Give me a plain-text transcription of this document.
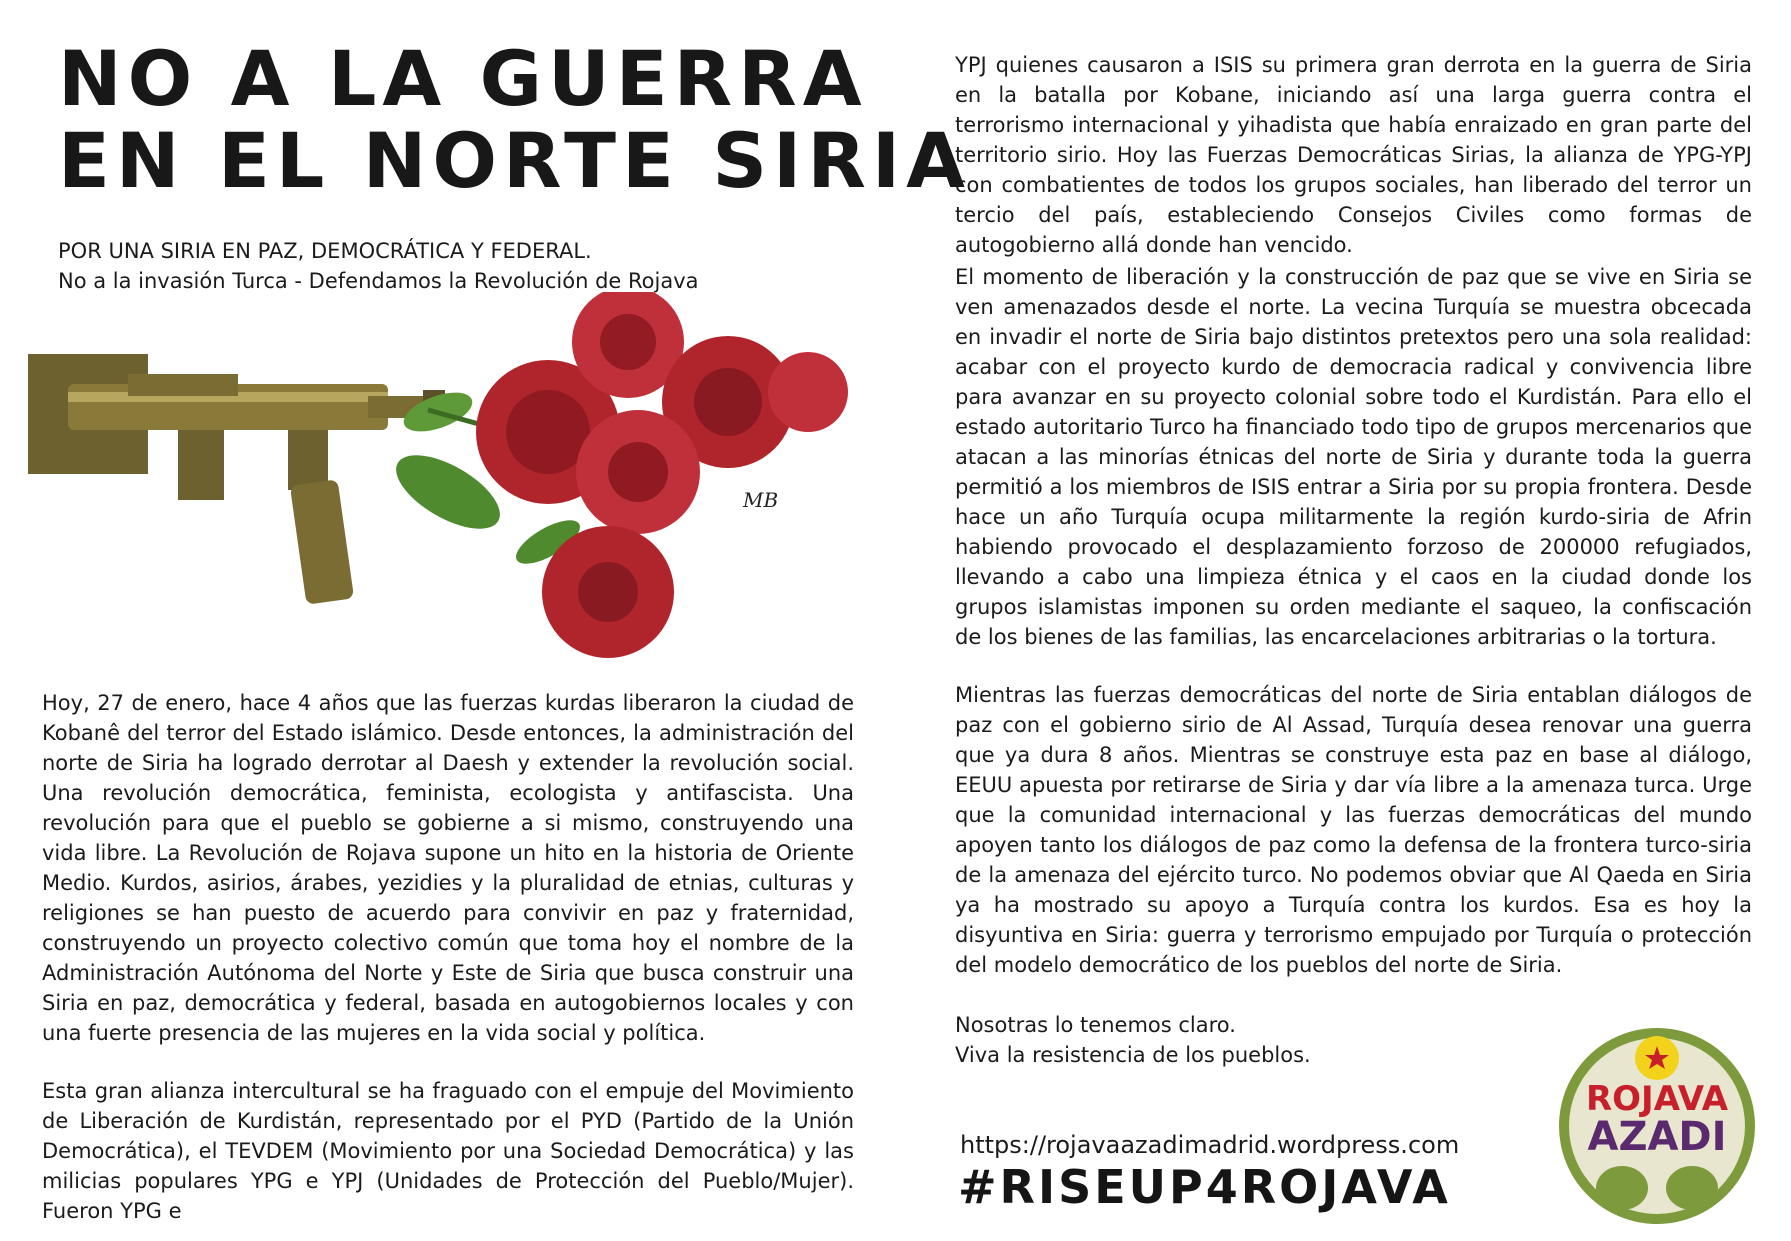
NO A LA GUERRA
EN EL NORTE SIRIA
POR UNA SIRIA EN PAZ, DEMOCRÁTICA Y FEDERAL.
No a la invasión Turca - Defendamos la Revolución de Rojava
MB

Hoy, 27 de enero, hace 4 años que las fuerzas kurdas liberaron la ciudad de Kobanê del terror del Estado islámico. Desde entonces, la administración del norte de Siria ha logrado derrotar al Daesh y extender la revolución social. Una revolución democrática, feminista, ecologista y antifascista. Una revolución para que el pueblo se gobierne a si mismo, construyendo una vida libre. La Revolución de Rojava supone un hito en la historia de Oriente Medio. Kurdos, asirios, árabes, yezidies y la pluralidad de etnias, culturas y religiones se han puesto de acuerdo para convivir en paz y fraternidad, construyendo un proyecto colectivo común que toma hoy el nombre de la Administración Autónoma del Norte y Este de Siria que busca construir una Siria en paz, democrática y federal, basada en autogobiernos locales y con una fuerte presencia de las mujeres en la vida social y política.

Esta gran alianza intercultural se ha fraguado con el empuje del Movimiento de Liberación de Kurdistán, representado por el PYD (Partido de la Unión Democrática), el TEVDEM (Movimiento por una Sociedad Democrática) y las milicias populares YPG e YPJ (Unidades de Protección del Pueblo/Mujer). Fueron YPG e

YPJ quienes causaron a ISIS su primera gran derrota en la guerra de Siria en la batalla por Kobane, iniciando así una larga guerra contra el terrorismo internacional y yihadista que había enraizado en gran parte del territorio sirio. Hoy las Fuerzas Democráticas Sirias, la alianza de YPG-YPJ con combatientes de todos los grupos sociales, han liberado del terror un tercio del país, estableciendo Consejos Civiles como formas de autogobierno allá donde han vencido.

El momento de liberación y la construcción de paz que se vive en Siria se ven amenazados desde el norte. La vecina Turquía se muestra obcecada en invadir el norte de Siria bajo distintos pretextos pero una sola realidad: acabar con el proyecto kurdo de democracia radical y convivencia libre para avanzar en su proyecto colonial sobre todo el Kurdistán. Para ello el estado autoritario Turco ha financiado todo tipo de grupos mercenarios que atacan a las minorías étnicas del norte de Siria y durante toda la guerra permitió a los miembros de ISIS entrar a Siria por su propia frontera. Desde hace un año Turquía ocupa militarmente la región kurdo-siria de Afrin habiendo provocado el desplazamiento forzoso de 200000 refugiados, llevando a cabo una limpieza étnica y el caos en la ciudad donde los grupos islamistas imponen su orden mediante el saqueo, la confiscación de los bienes de las familias, las encarcelaciones arbitrarias o la tortura.

Mientras las fuerzas democráticas del norte de Siria entablan diálogos de paz con el gobierno sirio de Al Assad, Turquía desea renovar una guerra que ya dura 8 años. Mientras se construye esta paz en base al diálogo, EEUU apuesta por retirarse de Siria y dar vía libre a la amenaza turca. Urge que la comunidad internacional y las fuerzas democráticas del mundo apoyen tanto los diálogos de paz como la defensa de la frontera turco-siria de la amenaza del ejército turco. No podemos obviar que Al Qaeda en Siria ya ha mostrado su apoyo a Turquía contra los kurdos. Esa es hoy la disyuntiva en Siria: guerra y terrorismo empujado por Turquía o protección del modelo democrático de los pueblos del norte de Siria.

Nosotras lo tenemos claro.
Viva la resistencia de los pueblos.
https://rojavaazadimadrid.wordpress.com
#RISEUP4ROJAVA
ROJAVA
AZADI
